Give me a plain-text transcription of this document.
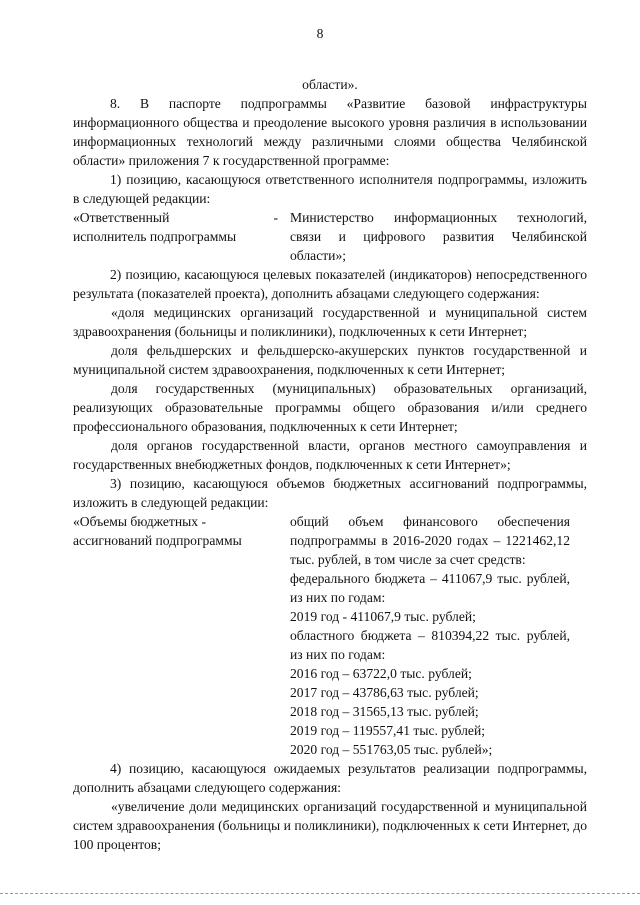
8

области».

8. В паспорте подпрограммы «Развитие базовой инфраструктуры информационного общества и преодоление высокого уровня различия в использовании информационных технологий между различными слоями общества Челябинской области» приложения 7 к государственной программе:

1) позицию, касающуюся ответственного исполнителя подпрограммы, изложить в следующей редакции:

«Ответственный	-
исполнитель подпрограммы
Министерство информационных технологий, связи и цифрового развития Челябинской области»;

2) позицию, касающуюся целевых показателей (индикаторов) непосредственного результата (показателей проекта), дополнить абзацами следующего содержания:

«доля медицинских организаций государственной и муниципальной систем здравоохранения (больницы и поликлиники), подключенных к сети Интернет;

доля фельдшерских и фельдшерско-акушерских пунктов государственной и муниципальной систем здравоохранения, подключенных к сети Интернет;

доля государственных (муниципальных) образовательных организаций, реализующих образовательные программы общего образования и/или среднего профессионального образования, подключенных к сети Интернет;

доля органов государственной власти, органов местного самоуправления и государственных внебюджетных фондов, подключенных к сети Интернет»;

3) позицию, касающуюся объемов бюджетных ассигнований подпрограммы, изложить в следующей редакции:

«Объемы бюджетных -
ассигнований подпрограммы

общий объем финансового обеспечения подпрограммы в 2016-2020 годах – 1221462,12 тыс. рублей, в том числе за счет средств:

федерального бюджета – 411067,9 тыс. рублей, из них по годам:

2019 год - 411067,9 тыс. рублей;

областного бюджета – 810394,22 тыс. рублей, из них по годам:

2016 год – 63722,0 тыс. рублей;

2017 год – 43786,63 тыс. рублей;

2018 год – 31565,13 тыс. рублей;

2019 год – 119557,41 тыс. рублей;

2020 год – 551763,05 тыс. рублей»;

4) позицию, касающуюся ожидаемых результатов реализации подпрограммы, дополнить абзацами следующего содержания:

«увеличение доли медицинских организаций государственной и муниципальной систем здравоохранения (больницы и поликлиники), подключенных к сети Интернет, до 100 процентов;
